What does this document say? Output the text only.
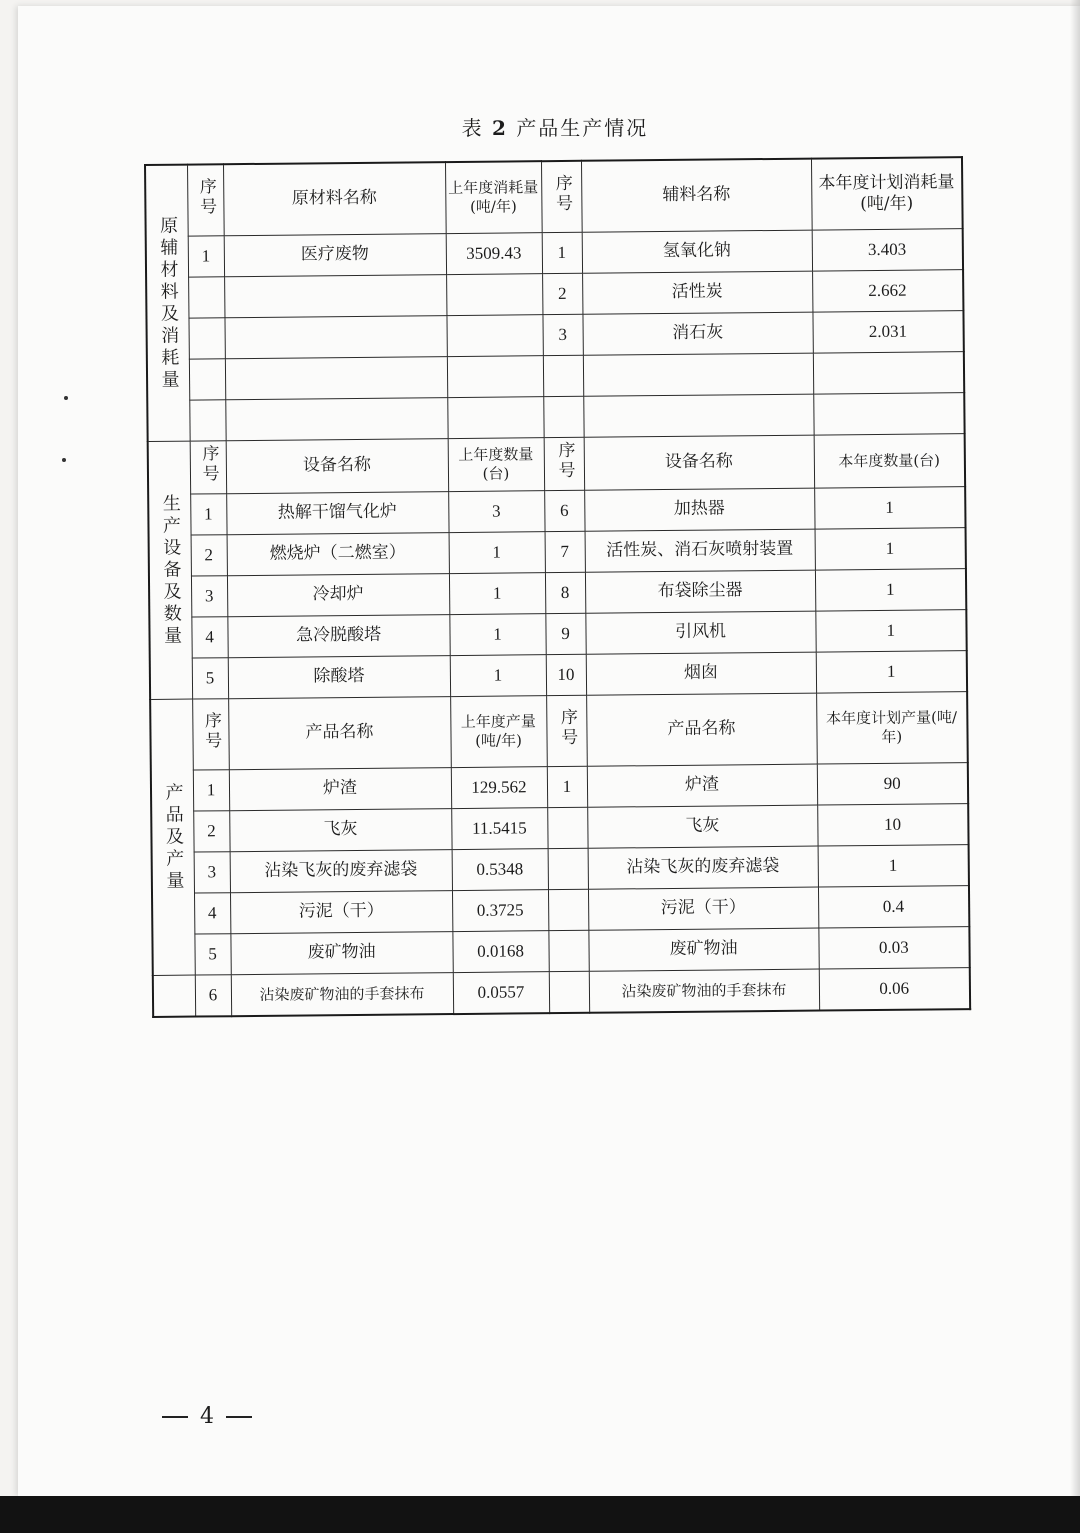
表 2 产品生产情况
原辅材料及消耗量	序号	原材料名称	上年度消耗量(吨/年)	序号	辅料名称	本年度计划消耗量(吨/年)
	1	医疗废物	3509.43	1	氢氧化钠	3.403
				2	活性炭	2.662
				3	消石灰	2.031

生产设备及数量	序号	设备名称	上年度数量(台)	序号	设备名称	本年度数量(台)
	1	热解干馏气化炉	3	6	加热器	1
	2	燃烧炉（二燃室）	1	7	活性炭、消石灰喷射装置	1
	3	冷却炉	1	8	布袋除尘器	1
	4	急冷脱酸塔	1	9	引风机	1
	5	除酸塔	1	10	烟囱	1

产品及产量	序号	产品名称	上年度产量(吨/年)	序号	产品名称	本年度计划产量(吨/年)
	1	炉渣	129.562	1	炉渣	90
	2	飞灰	11.5415		飞灰	10
	3	沾染飞灰的废弃滤袋	0.5348		沾染飞灰的废弃滤袋	1
	4	污泥（干）	0.3725		污泥（干）	0.4
	5	废矿物油	0.0168		废矿物油	0.03
	6	沾染废矿物油的手套抹布	0.0557		沾染废矿物油的手套抹布	0.06
4
